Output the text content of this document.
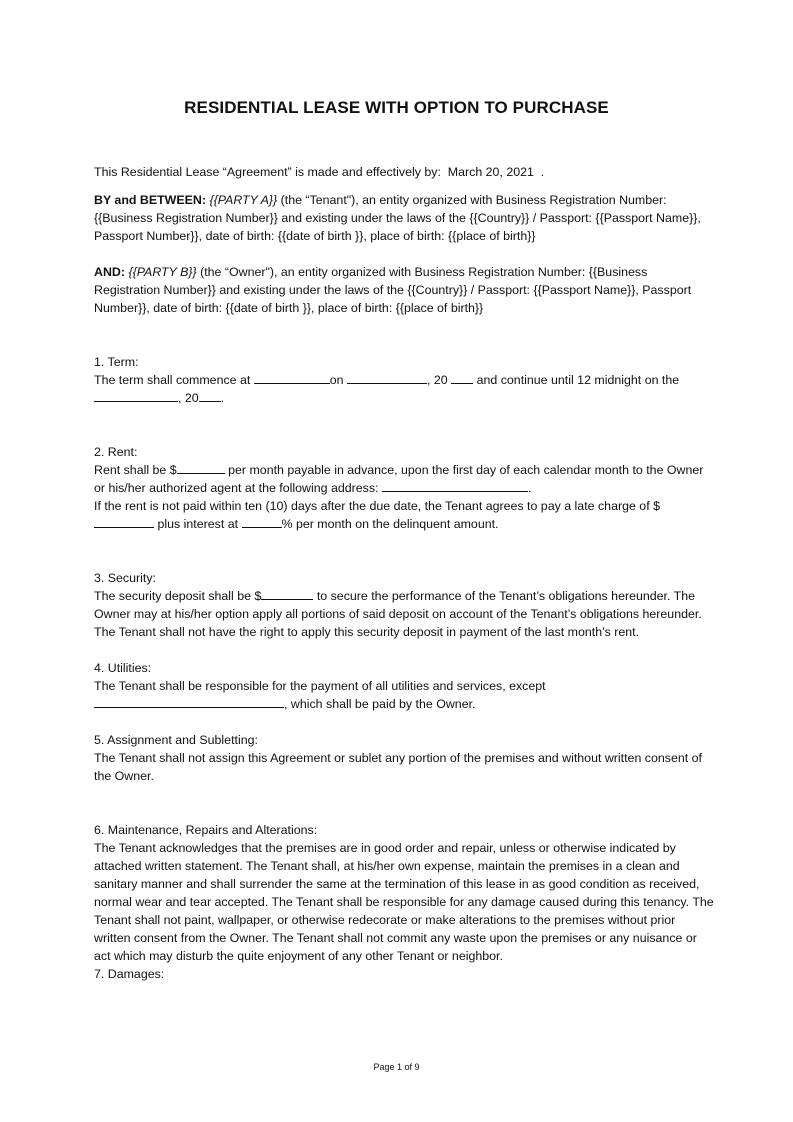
RESIDENTIAL LEASE WITH OPTION TO PURCHASE

This Residential Lease “Agreement” is made and effectively by: March 20, 2021 .

BY and BETWEEN: {{PARTY A}} (the “Tenant"), an entity organized with Business Registration Number: {{Business Registration Number}} and existing under the laws of the {{Country}} / Passport: {{Passport Name}}, Passport Number}}, date of birth: {{date of birth }}, place of birth: {{place of birth}}

AND: {{PARTY B}} (the “Owner"), an entity organized with Business Registration Number: {{Business Registration Number}} and existing under the laws of the {{Country}} / Passport: {{Passport Name}}, Passport Number}}, date of birth: {{date of birth }}, place of birth: {{place of birth}}

1. Term:

The term shall commence at	on	, 20 and continue until 12 midnight on the , 20 .

2. Rent:

Rent shall be $	per month payable in advance, upon the first day of each calendar month to the Owner or his/her authorized agent at the following address:	.

If the rent is not paid within ten (10) days after the due date, the Tenant agrees to pay a late charge of $ plus interest at	% per month on the delinquent amount.

3. Security:

The security deposit shall be $	to secure the performance of the Tenant’s obligations hereunder. The Owner may at his/her option apply all portions of said deposit on account of the Tenant’s obligations hereunder. The Tenant shall not have the right to apply this security deposit in payment of the last month’s rent.

4. Utilities:

The Tenant shall be responsible for the payment of all utilities and services, except
, which shall be paid by the Owner.

5. Assignment and Subletting:

The Tenant shall not assign this Agreement or sublet any portion of the premises and without written consent of the Owner.

6. Maintenance, Repairs and Alterations:

The Tenant acknowledges that the premises are in good order and repair, unless or otherwise indicated by attached written statement. The Tenant shall, at his/her own expense, maintain the premises in a clean and sanitary manner and shall surrender the same at the termination of this lease in as good condition as received, normal wear and tear accepted. The Tenant shall be responsible for any damage caused during this tenancy. The Tenant shall not paint, wallpaper, or otherwise redecorate or make alterations to the premises without prior written consent from the Owner. The Tenant shall not commit any waste upon the premises or any nuisance or act which may disturb the quite enjoyment of any other Tenant or neighbor.

7. Damages:

Page 1 of 9
